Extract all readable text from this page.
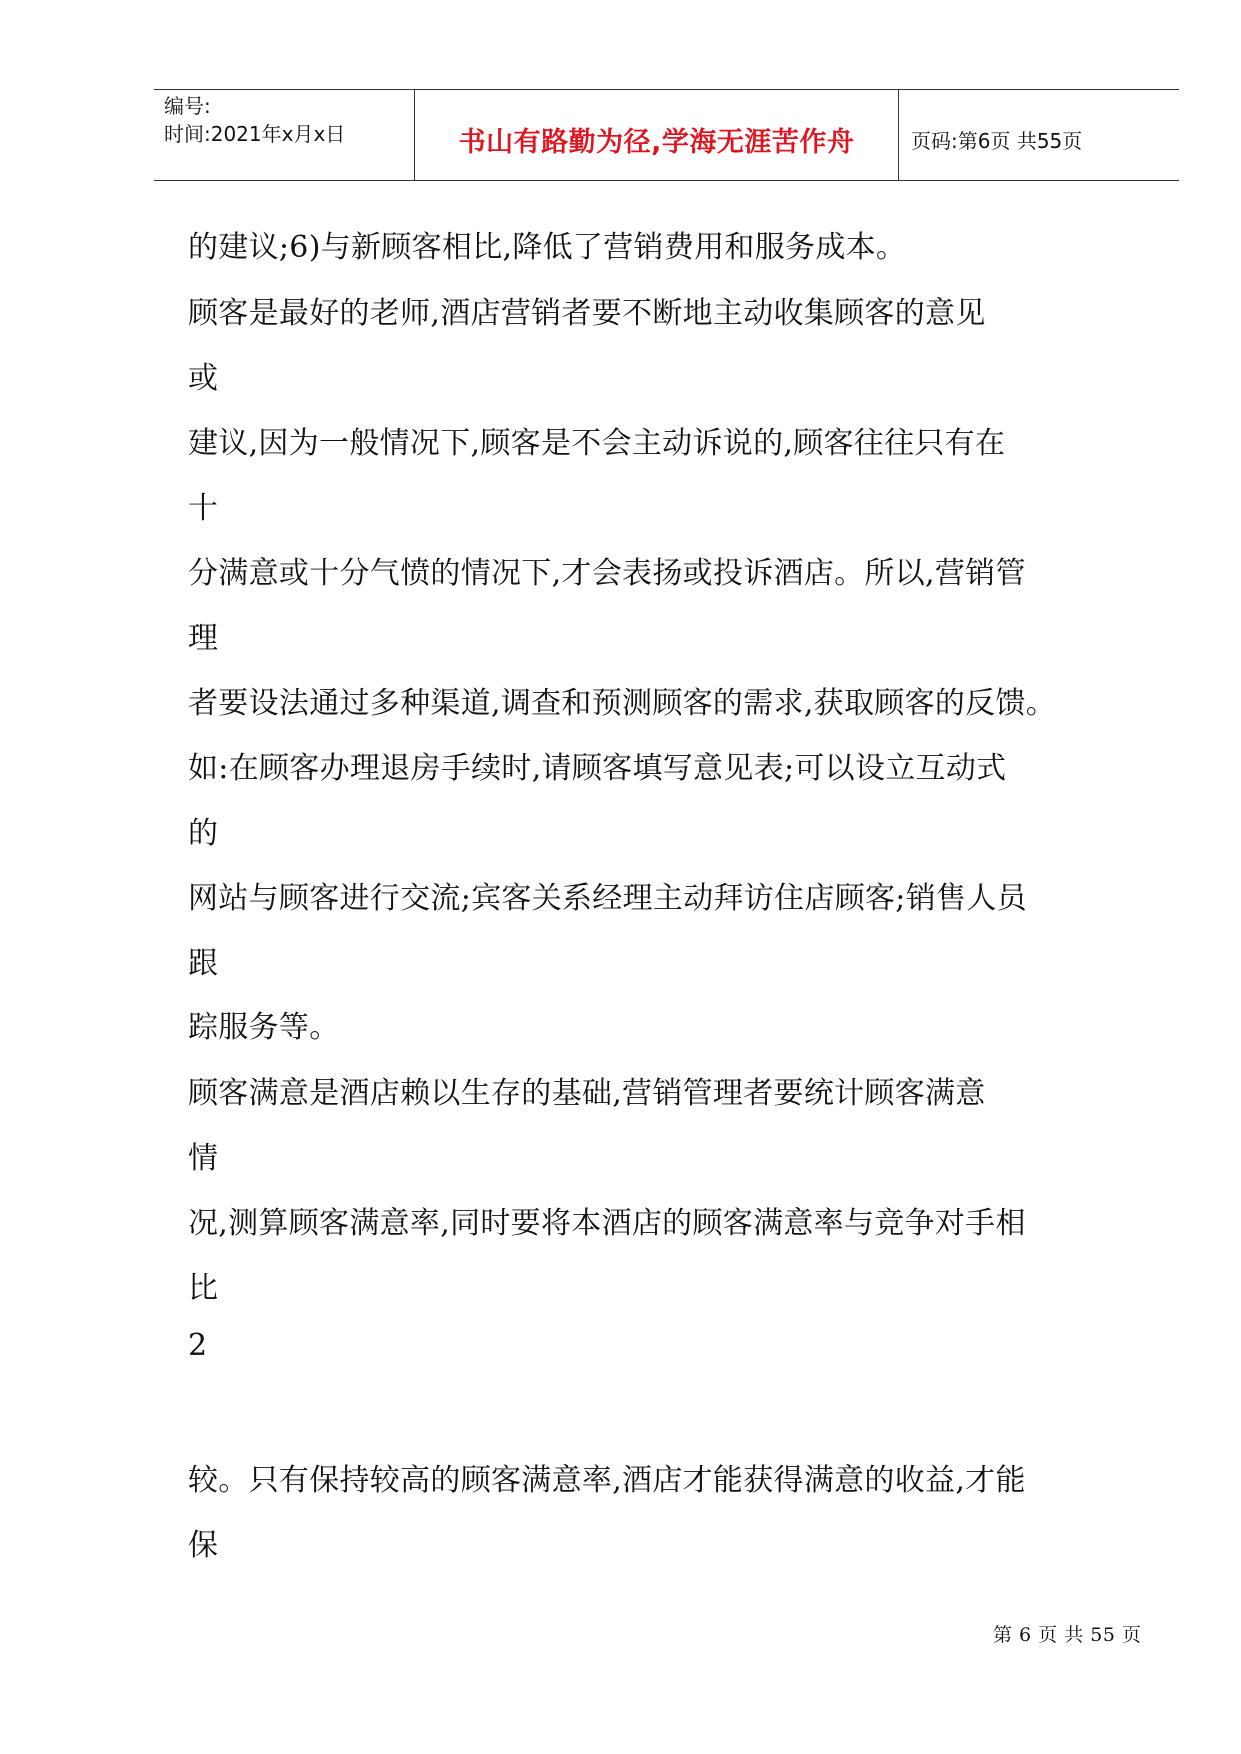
编号:
时间:2021年x月x日	书山有路勤为径,学海无涯苦作舟	页码:第6页 共55页
的建议;6)与新顾客相比,降低了营销费用和服务成本。
顾客是最好的老师,酒店营销者要不断地主动收集顾客的意见
或
建议,因为一般情况下,顾客是不会主动诉说的,顾客往往只有在
十
分满意或十分气愤的情况下,才会表扬或投诉酒店。所以,营销管
理
者要设法通过多种渠道,调查和预测顾客的需求,获取顾客的反馈。
如:在顾客办理退房手续时,请顾客填写意见表;可以设立互动式
的
网站与顾客进行交流;宾客关系经理主动拜访住店顾客;销售人员
跟
踪服务等。
顾客满意是酒店赖以生存的基础,营销管理者要统计顾客满意
情
况,测算顾客满意率,同时要将本酒店的顾客满意率与竞争对手相
比
2
较。只有保持较高的顾客满意率,酒店才能获得满意的收益,才能
保
第 6 页 共 55 页
